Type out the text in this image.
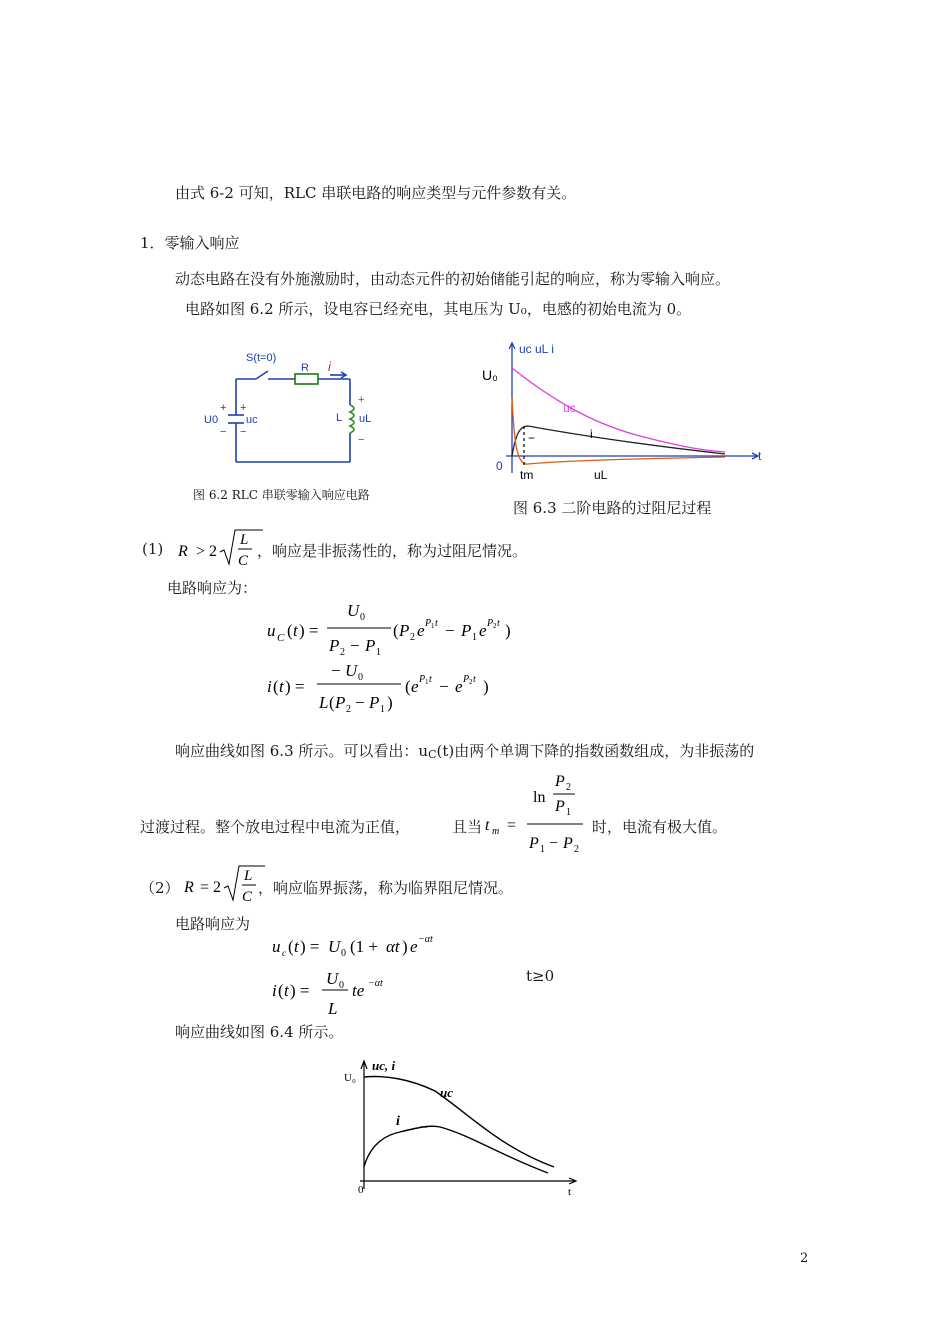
由式 6-2 可知，RLC 串联电路的响应类型与元件参数有关。
1．零输入响应
动态电路在没有外施激励时，由动态元件的初始储能引起的响应，称为零输入响应。
电路如图 6.2 所示，设电容已经充电，其电压为 U₀，电感的初始电流为 0。
S(t=0)
R i
U0	uc	L uL
+ +
− −
+
−
图 6.2 RLC 串联零输入响应电路
uc uL i
U₀
uc
i
−
t
0
tm	uL
图 6.3 二阶电路的过阻尼过程
(1) R > 2
L
C
，响应是非振荡性的，称为过阻尼情况。
电路响应为：
u C ( t ) =
U 0
P 2 − P 1
( P 2 e P 1 t − P 1 e P 2 t )
i ( t ) =
− U 0
L ( P 2 − P 1 )
( e P 1 t − e P 2 t )
响应曲线如图 6.3 所示。可以看出：uC(t)由两个单调下降的指数函数组成，为非振荡的
过渡过程。整个放电过程中电流为正值，	且当 t m =
ln
P 2
P 1
P 1 − P 2
时，电流有极大值。
（2） R = 2
L
C ，响应临界振荡，称为临界阻尼情况。
电路响应为
u c ( t ) = U 0 (1 + αt ) e −αt
i ( t ) =
U 0
L
te −αt	t≥0
响应曲线如图 6.4 所示。
uc, i
U₀
uc
i
0	t
2
